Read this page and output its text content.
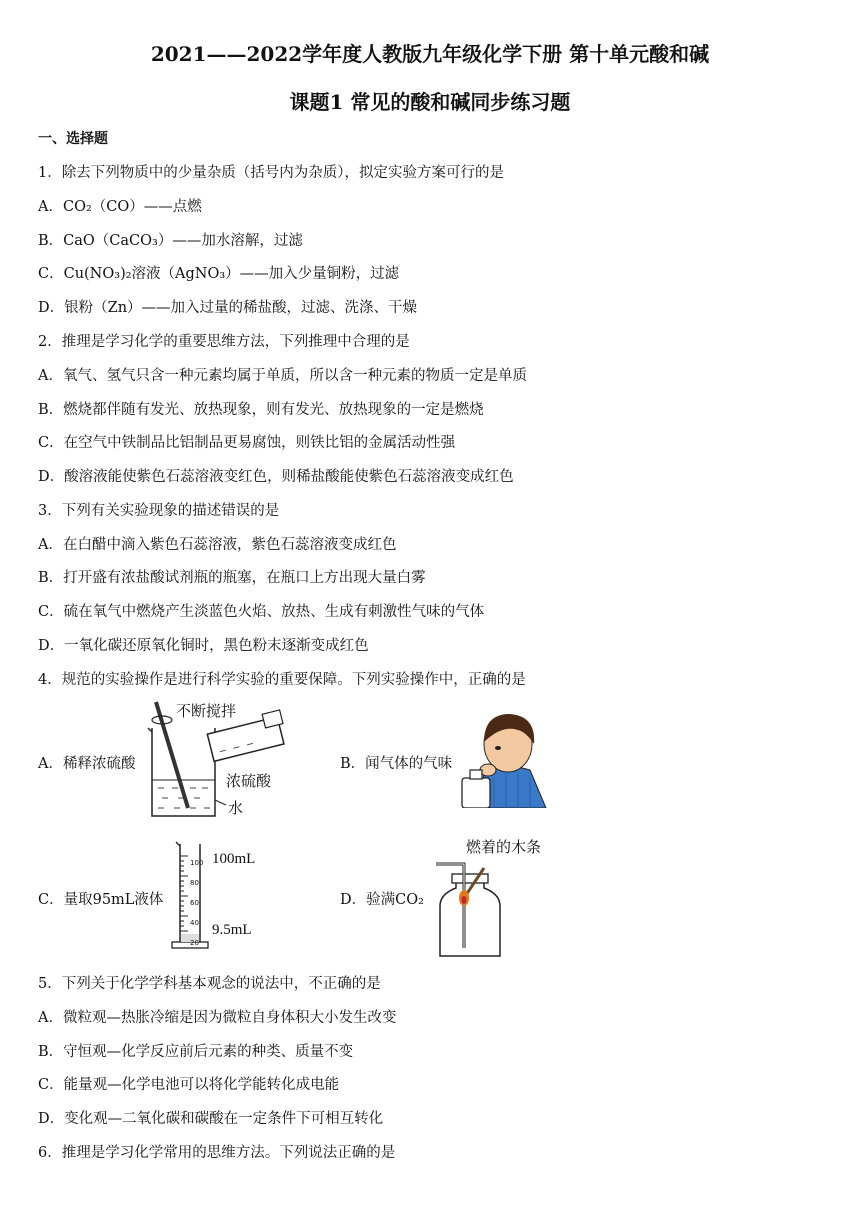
2021——2022学年度人教版九年级化学下册 第十单元酸和碱
课题1 常见的酸和碱同步练习题
一、选择题
1．除去下列物质中的少量杂质（括号内为杂质），拟定实验方案可行的是
A．CO₂（CO）——点燃
B．CaO（CaCO₃）——加水溶解，过滤
C．Cu(NO₃)₂溶液（AgNO₃）——加入少量铜粉，过滤
D．银粉（Zn）——加入过量的稀盐酸，过滤、洗涤、干燥
2．推理是学习化学的重要思维方法，下列推理中合理的是
A．氧气、氢气只含一种元素均属于单质，所以含一种元素的物质一定是单质
B．燃烧都伴随有发光、放热现象，则有发光、放热现象的一定是燃烧
C．在空气中铁制品比铝制品更易腐蚀，则铁比铝的金属活动性强
D．酸溶液能使紫色石蕊溶液变红色，则稀盐酸能使紫色石蕊溶液变成红色
3．下列有关实验现象的描述错误的是
A．在白醋中滴入紫色石蕊溶液，紫色石蕊溶液变成红色
B．打开盛有浓盐酸试剂瓶的瓶塞，在瓶口上方出现大量白雾
C．硫在氧气中燃烧产生淡蓝色火焰、放热、生成有刺激性气味的气体
D．一氧化碳还原氧化铜时，黑色粉末逐渐变成红色
4．规范的实验操作是进行科学实验的重要保障。下列实验操作中，正确的是
A．稀释浓硫酸	B．闻气体的气味
C．量取95mL液体	D．验满CO₂
不断搅拌
浓硫酸
水
100
80
60
40
20
100mL
9.5mL
燃着的木条
5．下列关于化学学科基本观念的说法中，不正确的是
A．微粒观—热胀冷缩是因为微粒自身体积大小发生改变
B．守恒观—化学反应前后元素的种类、质量不变
C．能量观—化学电池可以将化学能转化成电能
D．变化观—二氧化碳和碳酸在一定条件下可相互转化
6．推理是学习化学常用的思维方法。下列说法正确的是
